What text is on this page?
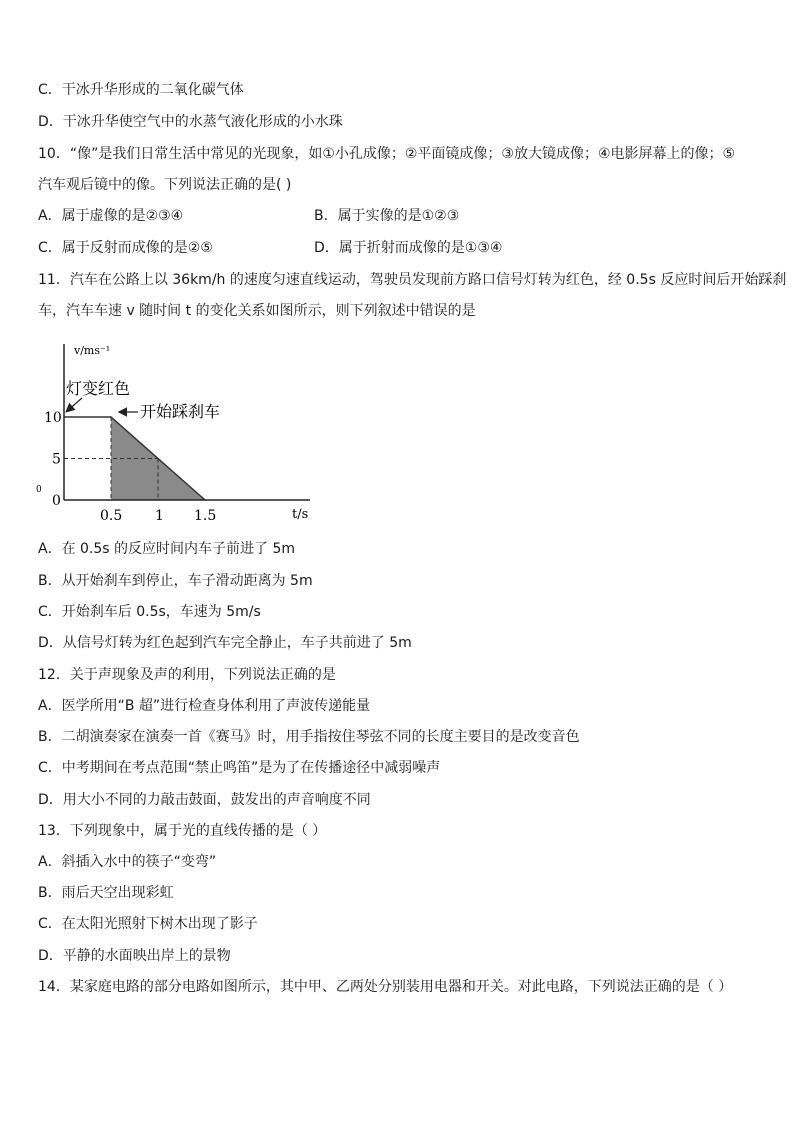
C．干冰升华形成的二氧化碳气体
D．干冰升华使空气中的水蒸气液化形成的小水珠
10．“像”是我们日常生活中常见的光现象，如①小孔成像；②平面镜成像；③放大镜成像；④电影屏幕上的像；⑤
汽车观后镜中的像。下列说法正确的是( )
A．属于虚像的是②③④	B．属于实像的是①②③
C．属于反射而成像的是②⑤	D．属于折射而成像的是①③④
11．汽车在公路上以 36km/h 的速度匀速直线运动，驾驶员发现前方路口信号灯转为红色，经 0.5s 反应时间后开始踩刹
车，汽车车速 v 随时间 t 的变化关系如图所示，则下列叙述中错误的是
v/ms⁻¹
t/s
0
5
10
0.5 1 1.5
0
灯变红色
开始踩刹车
A．在 0.5s 的反应时间内车子前进了 5m
B．从开始刹车到停止，车子滑动距离为 5m
C．开始刹车后 0.5s，车速为 5m/s
D．从信号灯转为红色起到汽车完全静止，车子共前进了 5m
12．关于声现象及声的利用，下列说法正确的是
A．医学所用“B 超”进行检查身体利用了声波传递能量
B．二胡演奏家在演奏一首《赛马》时，用手指按住琴弦不同的长度主要目的是改变音色
C．中考期间在考点范围“禁止鸣笛”是为了在传播途径中减弱噪声
D．用大小不同的力敲击鼓面，鼓发出的声音响度不同
13．下列现象中，属于光的直线传播的是（ ）
A．斜插入水中的筷子“变弯”
B．雨后天空出现彩虹
C．在太阳光照射下树木出现了影子
D．平静的水面映出岸上的景物
14．某家庭电路的部分电路如图所示，其中甲、乙两处分别装用电器和开关。对此电路，下列说法正确的是（ ）
